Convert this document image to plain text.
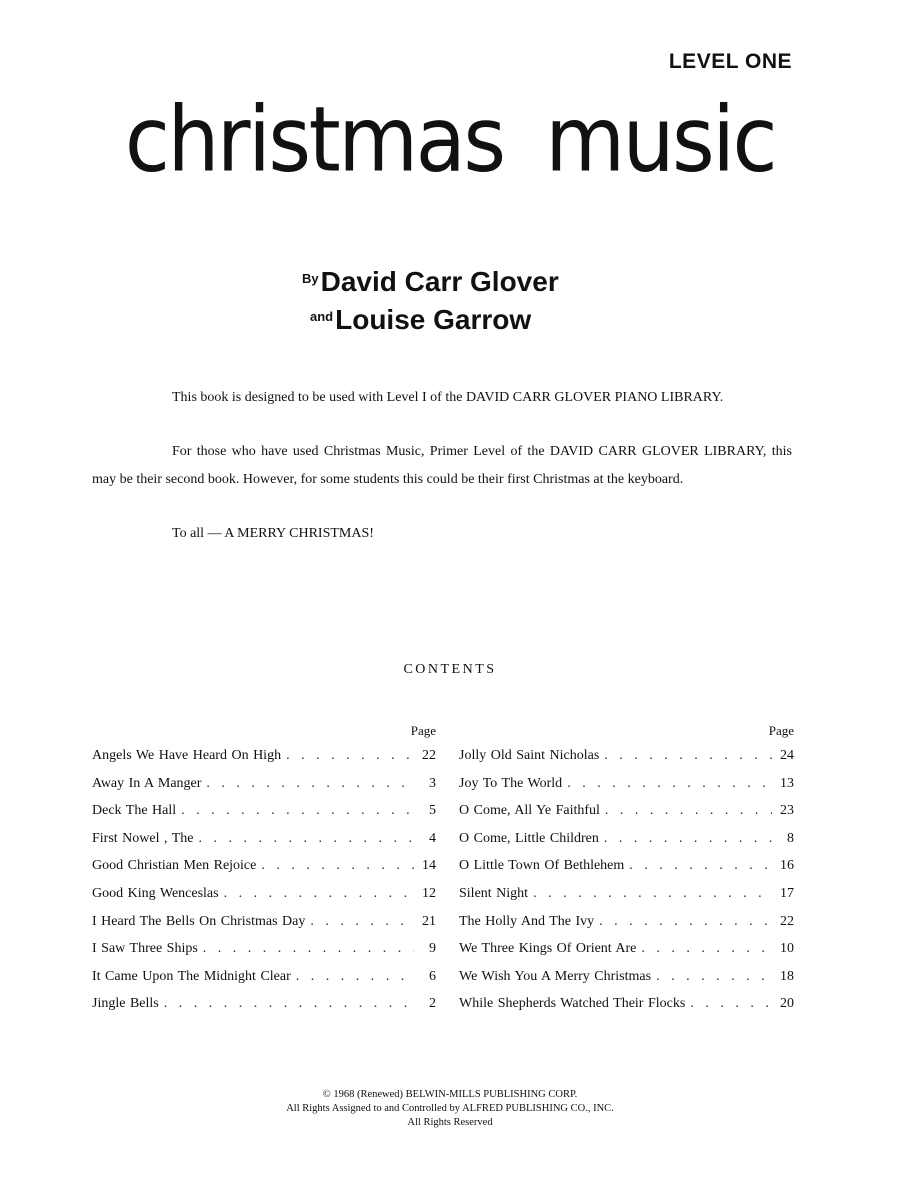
LEVEL ONE
christmas music
By David Carr Glover
and Louise Garrow

This book is designed to be used with Level I of the DAVID CARR GLOVER PIANO LIBRARY.

For those who have used Christmas Music, Primer Level of the DAVID CARR GLOVER LIBRARY, this may be their second book. However, for some students this could be their first Christmas at the keyboard.

To all — A MERRY CHRISTMAS!

CONTENTS
Page
Angels We Have Heard On High . . .	22
Away In A Manger . . .	3
Deck The Hall . . .	5
First Nowel , The . . .	4
Good Christian Men Rejoice . . .	14
Good King Wenceslas . . .	12
I Heard The Bells On Christmas Day . . .	21
I Saw Three Ships . . .	9
It Came Upon The Midnight Clear . . .	6
Jingle Bells . . .	2
Page
Jolly Old Saint Nicholas . . .	24
Joy To The World . . .	13
O Come, All Ye Faithful . . .	23
O Come, Little Children . . .	8
O Little Town Of Bethlehem . . .	16
Silent Night . . .	17
The Holly And The Ivy . . .	22
We Three Kings Of Orient Are . . .	10
We Wish You A Merry Christmas . . .	18
While Shepherds Watched Their Flocks . . .	20
© 1968 (Renewed) BELWIN-MILLS PUBLISHING CORP.
All Rights Assigned to and Controlled by ALFRED PUBLISHING CO., INC.
All Rights Reserved
